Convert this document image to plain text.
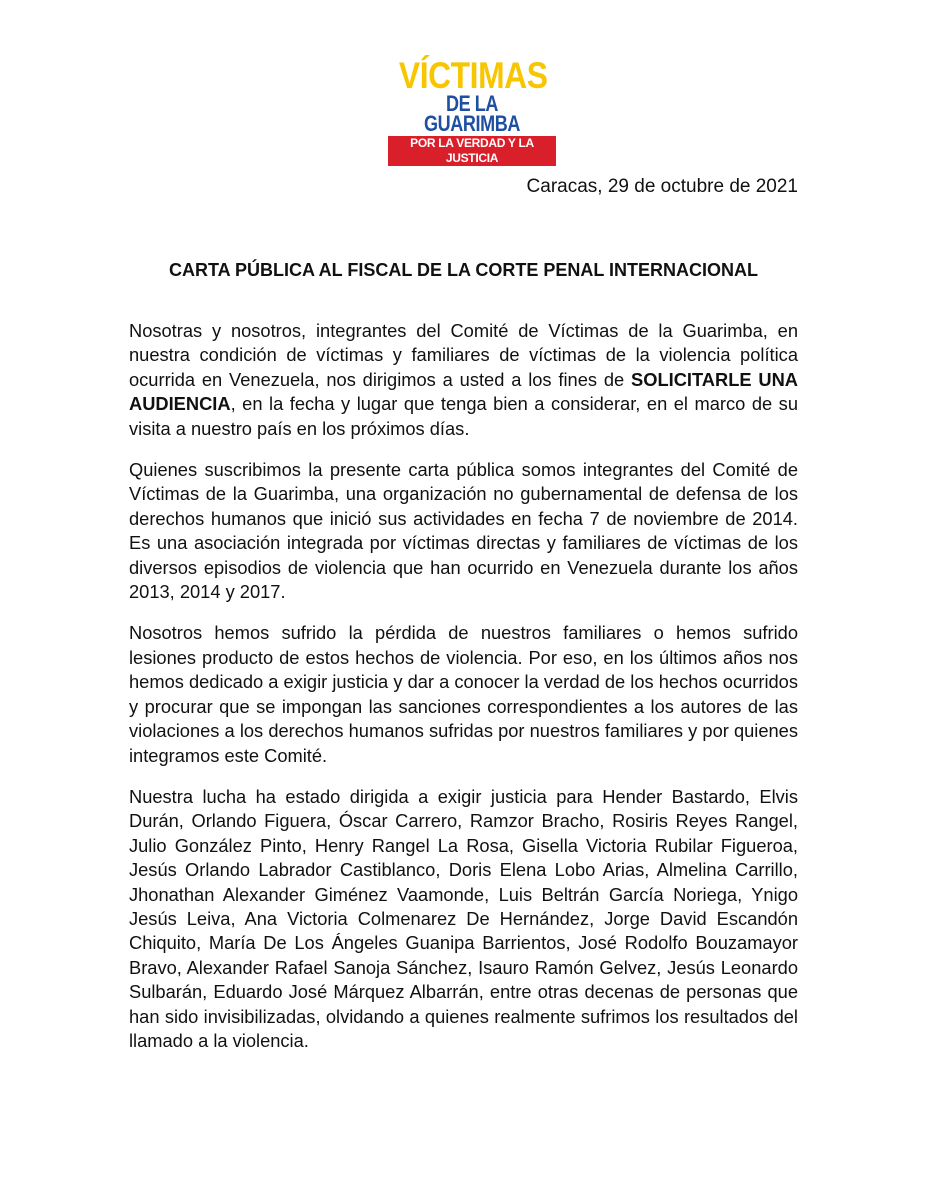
VÍCTIMAS
DE LA GUARIMBA
POR LA VERDAD Y LA JUSTICIA
Caracas, 29 de octubre de 2021
CARTA PÚBLICA AL FISCAL DE LA CORTE PENAL INTERNACIONAL

Nosotras y nosotros, integrantes del Comité de Víctimas de la Guarimba, en nuestra condición de víctimas y familiares de víctimas de la violencia política ocurrida en Venezuela, nos dirigimos a usted a los fines de SOLICITARLE UNA AUDIENCIA, en la fecha y lugar que tenga bien a considerar, en el marco de su visita a nuestro país en los próximos días.

Quienes suscribimos la presente carta pública somos integrantes del Comité de Víctimas de la Guarimba, una organización no gubernamental de defensa de los derechos humanos que inició sus actividades en fecha 7 de noviembre de 2014. Es una asociación integrada por víctimas directas y familiares de víctimas de los diversos episodios de violencia que han ocurrido en Venezuela durante los años 2013, 2014 y 2017.

Nosotros hemos sufrido la pérdida de nuestros familiares o hemos sufrido lesiones producto de estos hechos de violencia. Por eso, en los últimos años nos hemos dedicado a exigir justicia y dar a conocer la verdad de los hechos ocurridos y procurar que se impongan las sanciones correspondientes a los autores de las violaciones a los derechos humanos sufridas por nuestros familiares y por quienes integramos este Comité.

Nuestra lucha ha estado dirigida a exigir justicia para Hender Bastardo, Elvis Durán, Orlando Figuera, Óscar Carrero, Ramzor Bracho, Rosiris Reyes Rangel, Julio González Pinto, Henry Rangel La Rosa, Gisella Victoria Rubilar Figueroa, Jesús Orlando Labrador Castiblanco, Doris Elena Lobo Arias, Almelina Carrillo, Jhonathan Alexander Giménez Vaamonde, Luis Beltrán García Noriega, Ynigo Jesús Leiva, Ana Victoria Colmenarez De Hernández, Jorge David Escandón Chiquito, María De Los Ángeles Guanipa Barrientos, José Rodolfo Bouzamayor Bravo, Alexander Rafael Sanoja Sánchez, Isauro Ramón Gelvez, Jesús Leonardo Sulbarán, Eduardo José Márquez Albarrán, entre otras decenas de personas que han sido invisibilizadas, olvidando a quienes realmente sufrimos los resultados del llamado a la violencia.
